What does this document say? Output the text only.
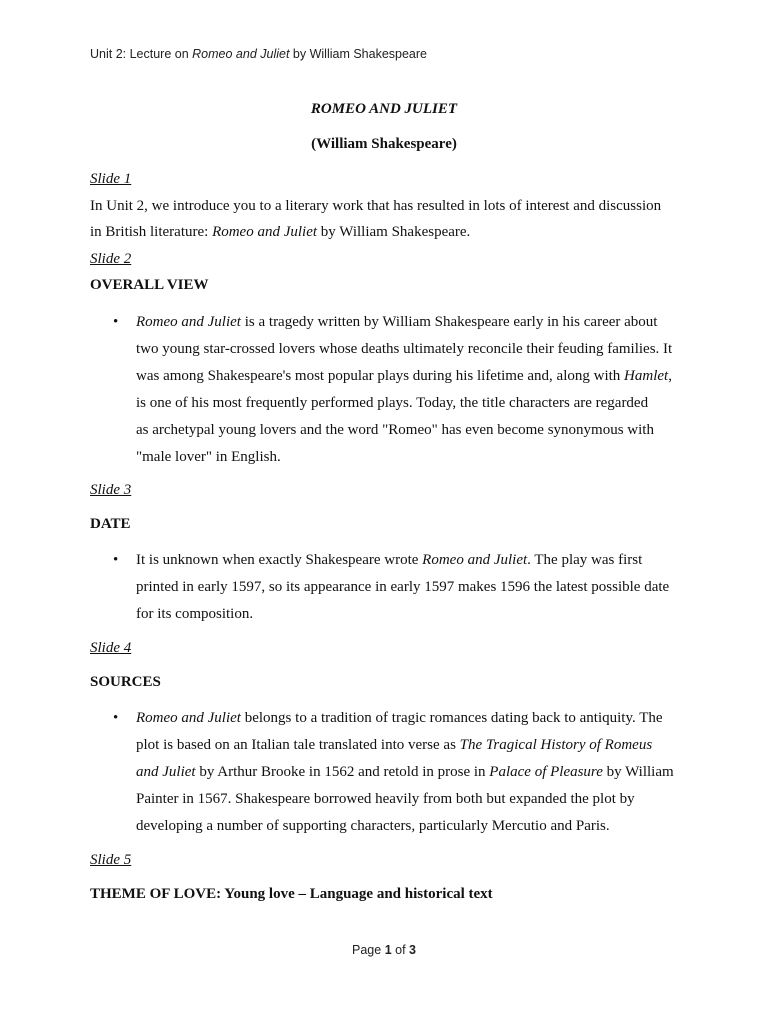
Unit 2: Lecture on Romeo and Juliet by William Shakespeare
ROMEO AND JULIET
(William Shakespeare)
Slide 1
In Unit 2, we introduce you to a literary work that has resulted in lots of interest and discussion
in British literature: Romeo and Juliet by William Shakespeare.
Slide 2
OVERALL VIEW
• Romeo and Juliet is a tragedy written by William Shakespeare early in his career about
two young star-crossed lovers whose deaths ultimately reconcile their feuding families. It
was among Shakespeare's most popular plays during his lifetime and, along with Hamlet,
is one of his most frequently performed plays. Today, the title characters are regarded
as archetypal young lovers and the word "Romeo" has even become synonymous with
"male lover" in English.
Slide 3
DATE
• It is unknown when exactly Shakespeare wrote Romeo and Juliet. The play was first
printed in early 1597, so its appearance in early 1597 makes 1596 the latest possible date
for its composition.
Slide 4
SOURCES
• Romeo and Juliet belongs to a tradition of tragic romances dating back to antiquity. The
plot is based on an Italian tale translated into verse as The Tragical History of Romeus
and Juliet by Arthur Brooke in 1562 and retold in prose in Palace of Pleasure by William
Painter in 1567. Shakespeare borrowed heavily from both but expanded the plot by
developing a number of supporting characters, particularly Mercutio and Paris.
Slide 5
THEME OF LOVE: Young love – Language and historical text
Page 1 of 3
